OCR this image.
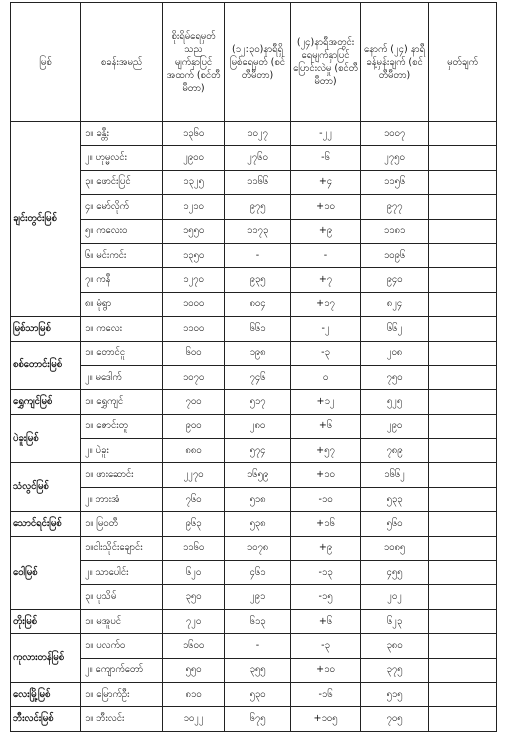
မြစ်	စခန်းအမည်	စိုးရိမ်ရေမှတ် သည မျက်နှာပြင် အထက် (စင်တီမီတာ)	(၁၂:၃၀)နာရီရှိ မြစ်ရေမှတ် (စင်တီမီတာ)	(၂၄)နာရီအတွင်း ရေမျက်နှာပြင် ပြောင်းလဲမှု (စင်တီမီတာ)	နောက် (၂၄) နာရီ ခန့်မှန်းချက် (စင်တီမီတာ)	မှတ်ချက်
ချင်းတွင်းမြစ်	၁။ ခန္တီး	၁၃၆၀	၁၀၂၇	-၂၂	၁၀၀၇	
	၂။ ဟုမ္မလင်း	၂၉၀၀	၂၇၆၀	-၆	၂၇၅၀	
	၃။ ဖောင်းပြင်	၁၃၂၅	၁၁၆၆	+၄	၁၁၅၆	
	၄။ မော်လိုက်	၁၂၁၀	၉၇၅	+၁၀	၉၇၇	
	၅။ ကလေးဝ	၁၅၅၀	၁၁၇၃	+၉	၁၁၈၁	
	၆။ မင်းကင်း	၁၃၅၀	-	-	၁၀၉၆	
	၇။ ကနီ	၁၂၇၀	၉၃၅	+၇	၉၄၀	
	၈။ မုံရွာ	၁၀၀၀	၈၀၄	+၁၇	၈၂၄	
မြစ်သာမြစ်	၁။ ကလေး	၁၁၀၀	၆၆၁	-၂	၆၆၂	
စစ်တောင်းမြစ်	၁။ တောင်ငူ	၆၀၀	၁၉၈	-၃	၂၀၈	
	၂။ မဒေါက်	၁၀၇၀	၇၄၆	၀	၇၅၀	
ရွှေကျင်မြစ်	၁။ ရွှေကျင်	၇၀၀	၅၁၇	+၁၂	၅၂၅	
ပဲခူးမြစ်	၁။ ဇောင်းတူ	၉၀၀	၂၈၀	+၆	၂၉၀	
	၂။ ပဲခူး	၈၈၀	၅၇၄	+၅၇	၇၈၉	
သံလွင်မြစ်	၁။ ဖားဆောင်း	၂၂၇၀	၁၆၅၉	+၁၀	၁၆၆၂	
	၂။ ဘားအံ	၇၆၀	၅၁၈	-၁၀	၅၃၃	
သောင်ရင်းမြစ်	၁။ မြဝတီ	၉၆၃	၅၃၈	+၁၆	၅၆၀	
ဝေါမြစ်	၁။ငါးသိုင်းချောင်း	၁၁၆၀	၁၀၇၈	+၉	၁၀၈၅	
	၂။ သာပေါင်း	၆၂၀	၄၆၁	-၁၃	၄၅၅	
	၃။ ပုသိမ်	၃၅၀	၂၉၁	-၁၅	၂၀၂	
တိုးမြစ်	၁။ မအူပင်	၇၂၀	၆၁၃	+၆	၆၂၃	
ကုလားတန်မြစ်	၁။ ပလက်ဝ	၁၆၀၀	-	-၃	၃၈၀	
	၂။ ကျောက်တော်	၅၅၀	၃၅၅	+၁၀	၃၇၅	
လေးမြို့မြစ်	၁။ မြောက်ဦး	၈၁၀	၅၃၀	-၁၆	၅၁၅	
ဘီးလင်းမြစ်	၁။ ဘီးလင်း	၁၀၂၂	၆၇၅	+၁၀၅	၇၀၅	
